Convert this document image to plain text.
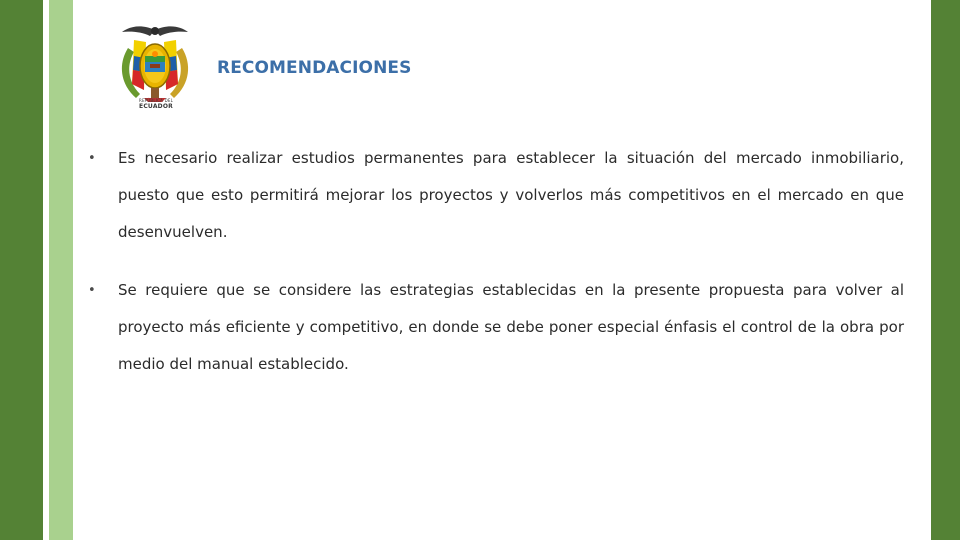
REPÚBLICA DEL
ECUADOR
RECOMENDACIONES
•	Es necesario realizar estudios permanentes para establecer la situación del mercado inmobiliario, puesto que esto permitirá mejorar los proyectos y volverlos más competitivos en el mercado en que desenvuelven.
•	Se requiere que se considere las estrategias establecidas en la presente propuesta para volver al proyecto más eficiente y competitivo, en donde se debe poner especial énfasis el control de la obra por medio del manual establecido.
